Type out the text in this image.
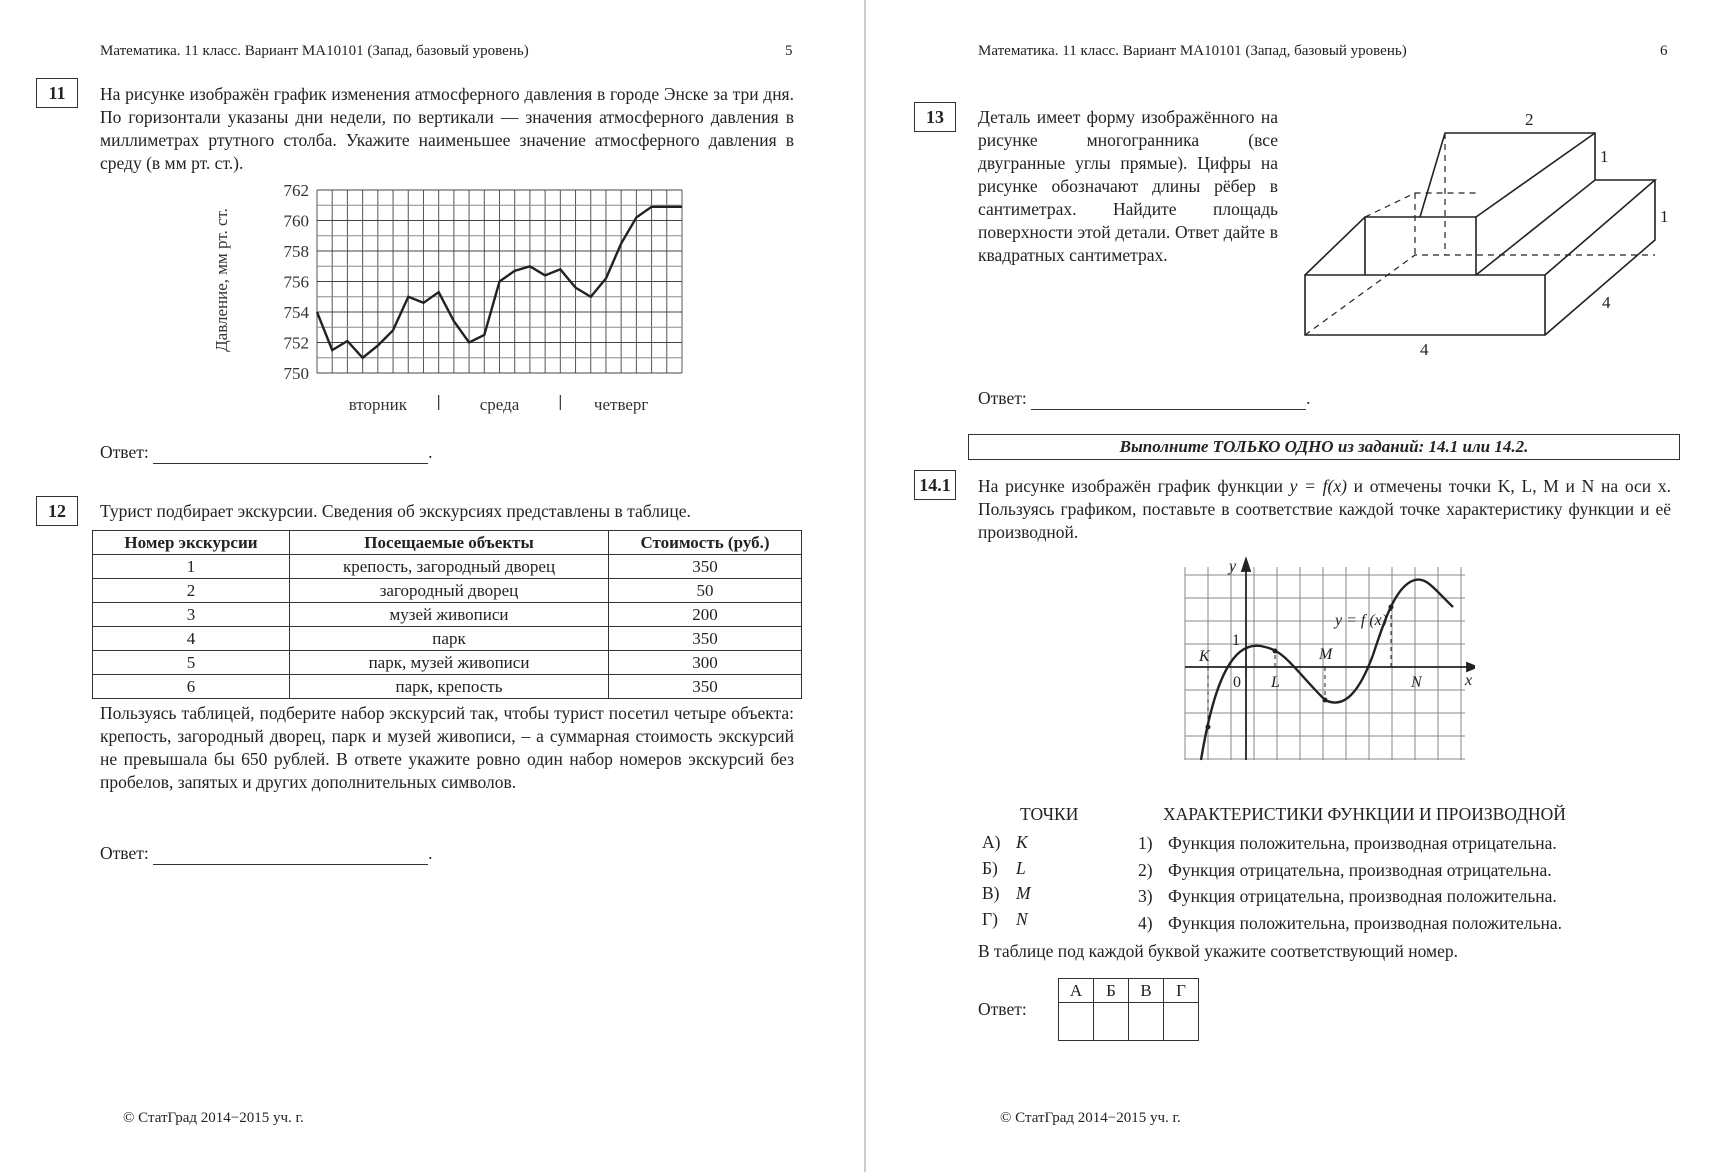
Математика. 11 класс. Вариант МА10101 (Запад, базовый уровень)	5
11	На рисунке изображён график изменения атмосферного давления в городе Энске за три дня. По горизонтали указаны дни недели, по вертикали — значения атмосферного давления в миллиметрах ртутного столба. Укажите наименьшее значение атмосферного давления в среду (в мм рт. ст.).
750
752
754
756
758
760
762
Давление, мм рт. ст.
вторник	среда	четверг
Ответ:	.
12	Турист подбирает экскурсии. Сведения об экскурсиях представлены в таблице.
Номер экскурсии	Посещаемые объекты	Стоимость (руб.)
1	крепость, загородный дворец	350
2	загородный дворец	50
3	музей живописи	200
4	парк	350
5	парк, музей живописи	300
6	парк, крепость	350
Пользуясь таблицей, подберите набор экскурсий так, чтобы турист посетил четыре объекта: крепость, загородный дворец, парк и музей живописи, – а суммарная стоимость экскурсий не превышала бы 650 рублей. В ответе укажите ровно один набор номеров экскурсий без пробелов, запятых и других дополнительных символов.
Ответ:	.
© СтатГрад 2014−2015 уч. г.
Математика. 11 класс. Вариант МА10101 (Запад, базовый уровень)	6
13	Деталь имеет форму изображённого на рисунке многогранника (все двугранные углы прямые). Цифры на рисунке обозначают длины рёбер в сантиметрах. Найдите площадь поверхности этой детали. Ответ дайте в квадратных сантиметрах.
2
1
1
4
4
Ответ:	.
Выполните ТОЛЬКО ОДНО из заданий: 14.1 или 14.2.
14.1	На рисунке изображён график функции y = f(x) и отмечены точки K, L, M и N на оси x. Пользуясь графиком, поставьте в соответствие каждой точке характеристику функции и её производной.
y
x
K
L
M
N
y = f (x)
1
0
ТОЧКИ	ХАРАКТЕРИСТИКИ ФУНКЦИИ И ПРОИЗВОДНОЙ
А) K
Б) L
В) M
Г) N
1) Функция положительна, производная отрицательна.
2) Функция отрицательна, производная отрицательна.
3) Функция отрицательна, производная положительна.
4) Функция положительна, производная положительна.
В таблице под каждой буквой укажите соответствующий номер.
Ответ:
А	Б	В	Г

© СтатГрад 2014−2015 уч. г.
